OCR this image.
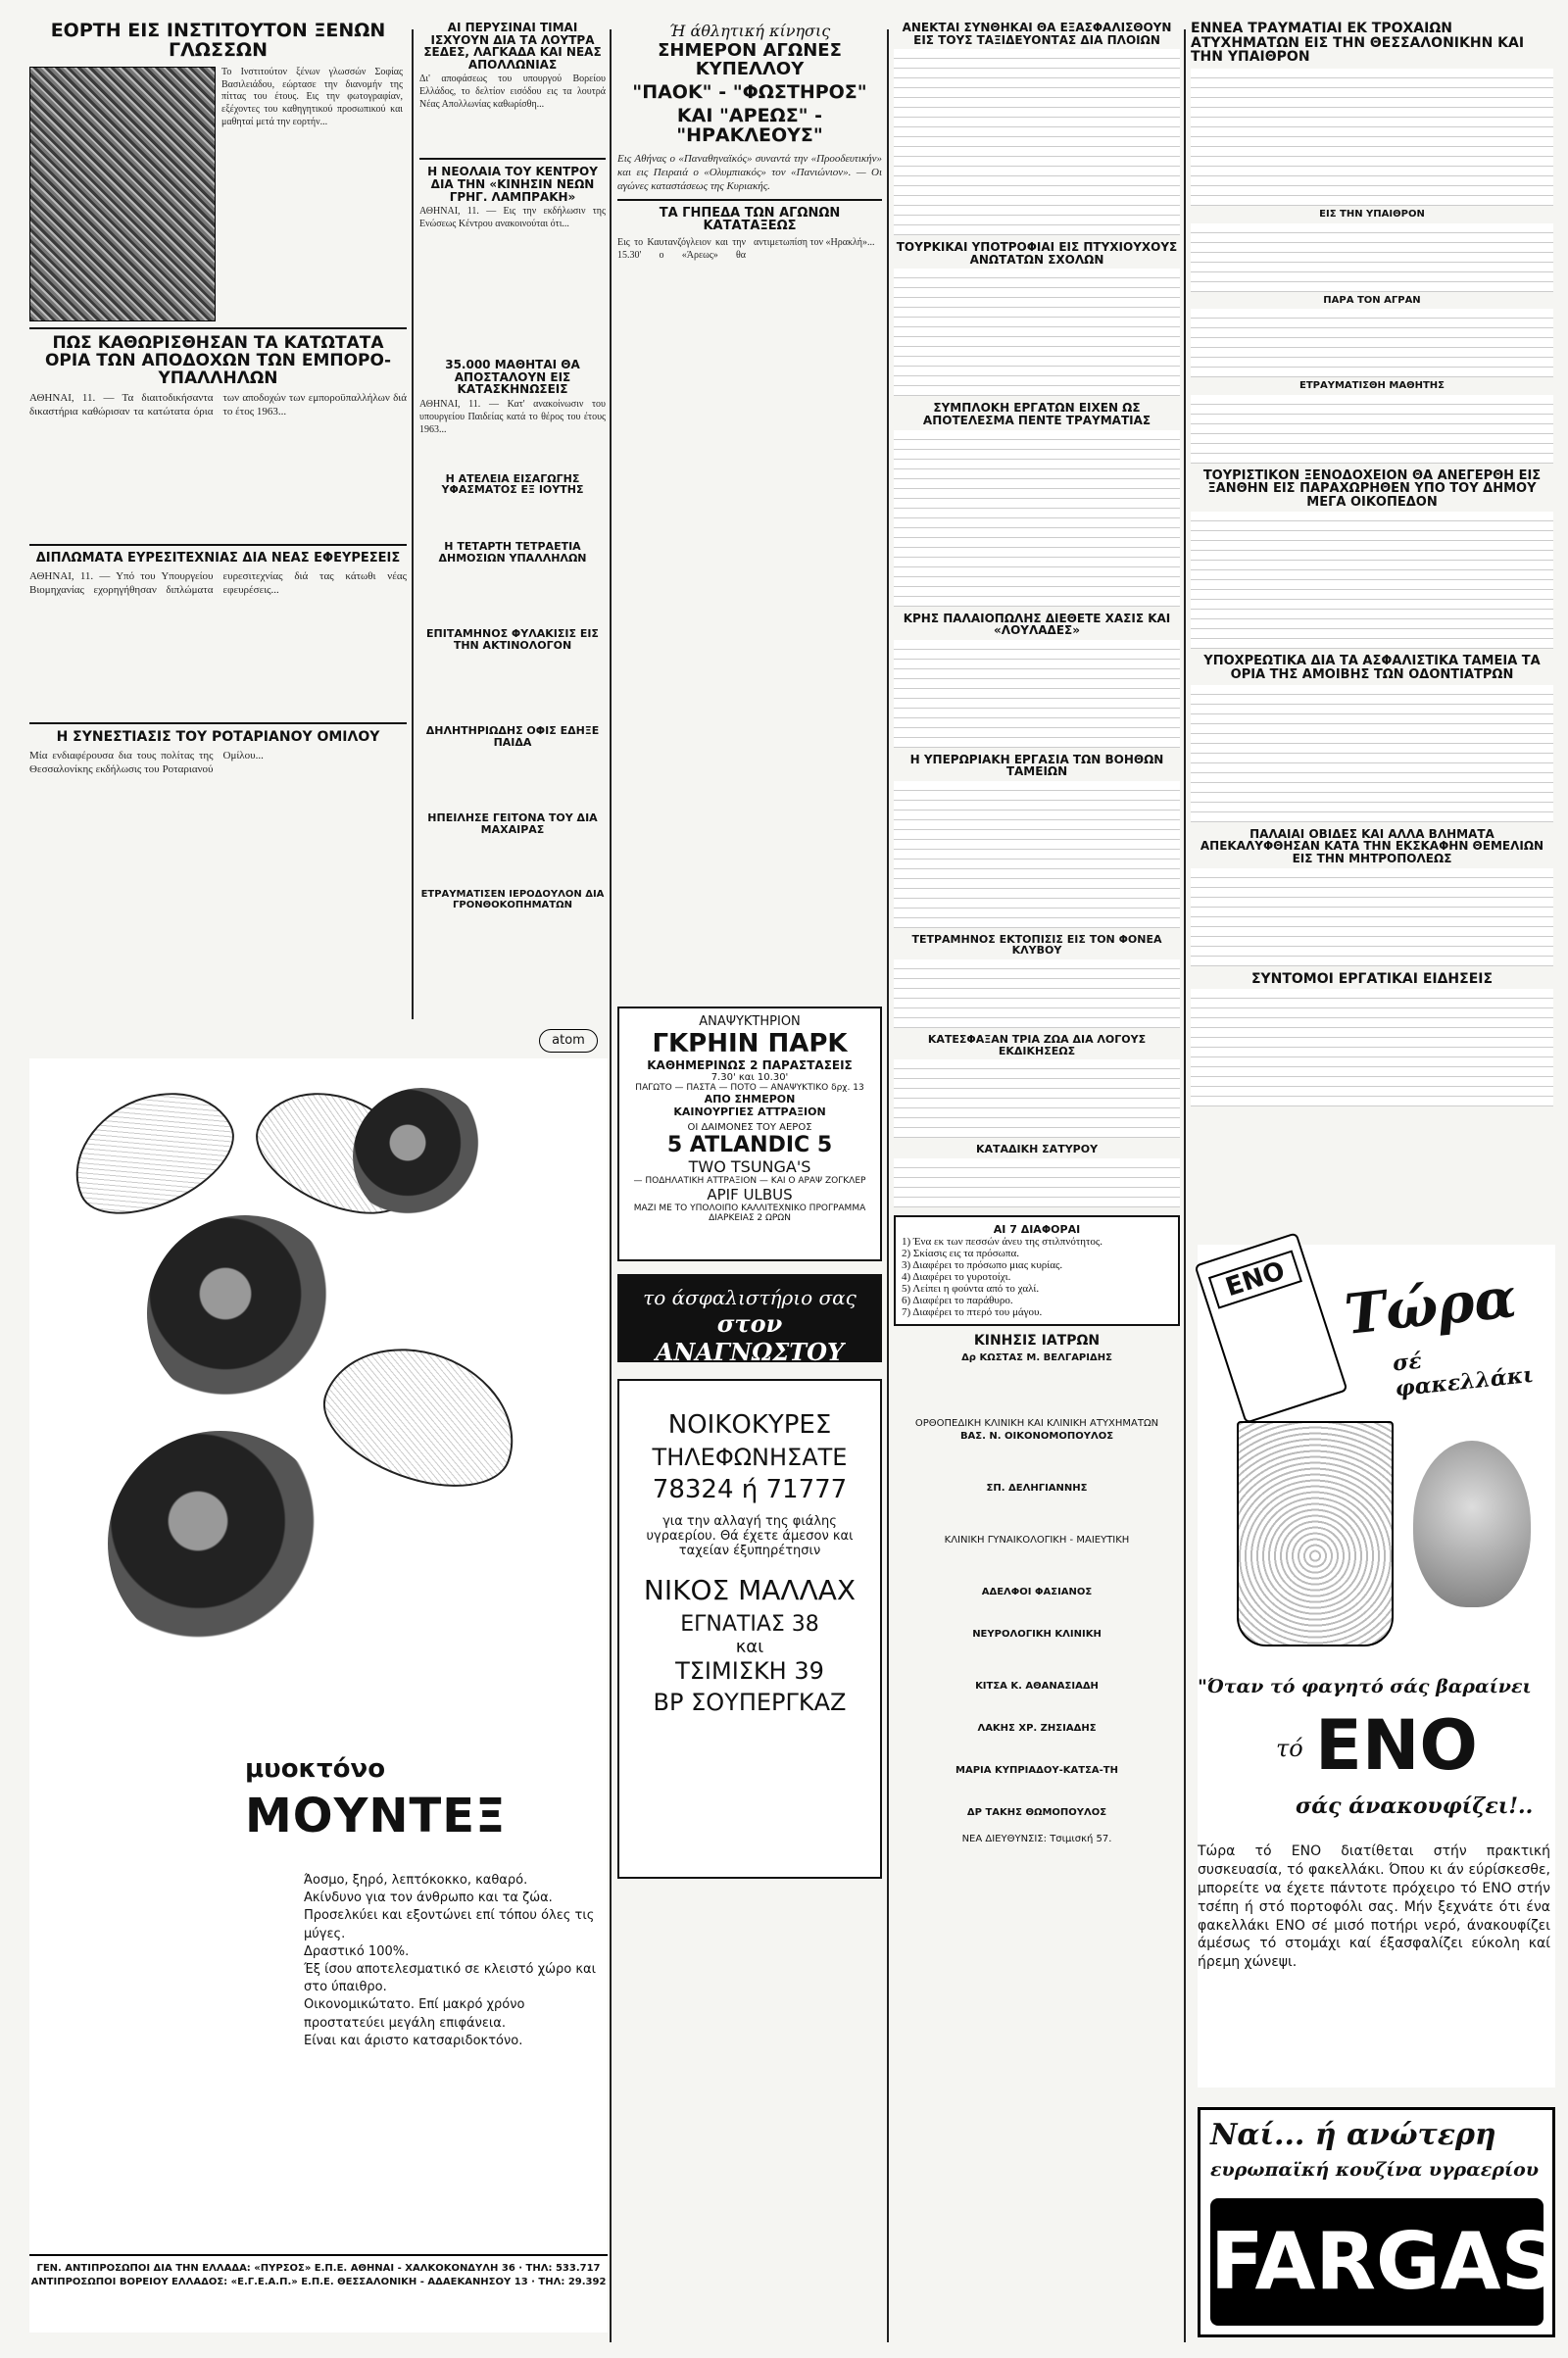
ΕΟΡΤΗ ΕΙΣ ΙΝΣΤΙΤΟΥΤΟΝ ΞΕΝΩΝ ΓΛΩΣΣΩΝ
Το Ινστιτούτον ξένων γλωσσών Σοφίας Βασιλειάδου, εώρτασε την διανομήν της πίττας του έτους. Εις την φωτογραφίαν, εξέχοντες του καθηγητικού προσωπικού και μαθηταί μετά την εορτήν...
ΠΩΣ ΚΑΘΩΡΙΣΘΗΣΑΝ ΤΑ ΚΑΤΩΤΑΤΑ ΟΡΙΑ ΤΩΝ ΑΠΟΔΟΧΩΝ ΤΩΝ ΕΜΠΟΡΟ-ΥΠΑΛΛΗΛΩΝ
ΑΘΗΝΑΙ, 11. — Τα διαιτοδικήσαντα δικαστήρια καθώρισαν τα κατώτατα όρια των αποδοχών των εμποροϋπαλλήλων διά το έτος 1963...
ΔΙΠΛΩΜΑΤΑ ΕΥΡΕΣΙΤΕΧΝΙΑΣ ΔΙΑ ΝΕΑΣ ΕΦΕΥΡΕΣΕΙΣ
ΑΘΗΝΑΙ, 11. — Υπό του Υπουργείου Βιομηχανίας εχορηγήθησαν διπλώματα ευρεσιτεχνίας διά τας κάτωθι νέας εφευρέσεις...
Η ΣΥΝΕΣΤΙΑΣΙΣ ΤΟΥ ΡΟΤΑΡΙΑΝΟΥ ΟΜΙΛΟΥ
Μία ενδιαφέρουσα δια τους πολίτας της Θεσσαλονίκης εκδήλωσις του Ροταριανού Ομίλου...
atom
μυοκτόνο
ΜΟΥΝΤΕΞ
Άοσμο, ξηρό, λεπτόκοκκο, καθαρό.
Ακίνδυνο για τον άνθρωπο και τα ζώα.
Προσελκύει και εξοντώνει επί τόπου όλες τις μύγες.
Δραστικό 100%.
Έξ ίσου αποτελεσματικό σε κλειστό χώρο και στο ύπαιθρο.
Οικονομικώτατο. Επί μακρό χρόνο προστατεύει μεγάλη επιφάνεια.
Είναι και άριστο κατσαριδοκτόνο.
ΓΕΝ. ΑΝΤΙΠΡΟΣΩΠΟΙ ΔΙΑ ΤΗΝ ΕΛΛΑΔΑ: «ΠΥΡΣΟΣ» Ε.Π.Ε. ΑΘΗΝΑΙ - ΧΑΛΚΟΚΟΝΔΥΛΗ 36 · ΤΗΛ: 533.717 ΑΝΤΙΠΡΟΣΩΠΟΙ ΒΟΡΕΙΟΥ ΕΛΛΑΔΟΣ: «Ε.Γ.Ε.Α.Π.» Ε.Π.Ε. ΘΕΣΣΑΛΟΝΙΚΗ - ΑΔΑΕΚΑΝΗΣΟΥ 13 · ΤΗΛ: 29.392
ΑΙ ΠΕΡΥΣΙΝΑΙ ΤΙΜΑΙ ΙΣΧΥΟΥΝ ΔΙΑ ΤΑ ΛΟΥΤΡΑ ΣΕΔΕΣ, ΛΑΓΚΑΔΑ ΚΑΙ ΝΕΑΣ ΑΠΟΛΛΩΝΙΑΣ
Δι' αποφάσεως του υπουργού Βορείου Ελλάδος, το δελτίον εισόδου εις τα λουτρά Νέας Απολλωνίας καθωρίσθη...
Η ΝΕΟΛΑΙΑ ΤΟΥ ΚΕΝΤΡΟΥ ΔΙΑ ΤΗΝ «ΚΙΝΗΣΙΝ ΝΕΩΝ ΓΡΗΓ. ΛΑΜΠΡΑΚΗ»
ΑΘΗΝΑΙ, 11. — Εις την εκδήλωσιν της Ενώσεως Κέντρου ανακοινούται ότι...
35.000 ΜΑΘΗΤΑΙ ΘΑ ΑΠΟΣΤΑΛΟΥΝ ΕΙΣ ΚΑΤΑΣΚΗΝΩΣΕΙΣ
ΑΘΗΝΑΙ, 11. — Κατ' ανακοίνωσιν του υπουργείου Παιδείας κατά το θέρος του έτους 1963...
Η ΑΤΕΛΕΙΑ ΕΙΣΑΓΩΓΗΣ ΥΦΑΣΜΑΤΟΣ ΕΞ ΙΟΥΤΗΣ
Η ΤΕΤΑΡΤΗ ΤΕΤΡΑΕΤΙΑ ΔΗΜΟΣΙΩΝ ΥΠΑΛΛΗΛΩΝ
ΕΠΙΤΑΜΗΝΟΣ ΦΥΛΑΚΙΣΙΣ ΕΙΣ ΤΗΝ ΑΚΤΙΝΟΛΟΓΟΝ
ΔΗΛΗΤΗΡΙΩΔΗΣ ΟΦΙΣ ΕΔΗΞΕ ΠΑΙΔΑ
ΗΠΕΙΛΗΣΕ ΓΕΙΤΟΝΑ ΤΟΥ ΔΙΑ ΜΑΧΑΙΡΑΣ
ΕΤΡΑΥΜΑΤΙΣΕΝ ΙΕΡΟΔΟΥΛΟΝ ΔΙΑ ΓΡΟΝΘΟΚΟΠΗΜΑΤΩΝ
Ή άθλητική κίνησις
ΣΗΜΕΡΟΝ ΑΓΩΝΕΣ ΚΥΠΕΛΛΟΥ
"ΠΑΟΚ" - "ΦΩΣΤΗΡΟΣ"
ΚΑΙ "ΑΡΕΩΣ" - "ΗΡΑΚΛΕΟΥΣ"
Εις Αθήνας ο «Παναθηναϊκός» συναντά την «Προοδευτικήν» και εις Πειραιά ο «Ολυμπιακός» τον «Πανιώνιον». — Οι αγώνες καταστάσεως της Κυριακής.
ΤΑ ΓΗΠΕΔΑ ΤΩΝ ΑΓΩΝΩΝ ΚΑΤΑΤΑΞΕΩΣ
Εις το Καυτανζόγλειον και την 15.30' ο «Άρεως» θα αντιμετωπίση τον «Ηρακλή»...
ΑΝΑΨΥΚΤΗΡΙΟΝ
ΓΚΡΗΙΝ ΠΑΡΚ
ΚΑΘΗΜΕΡΙΝΩΣ 2 ΠΑΡΑΣΤΑΣΕΙΣ
7.30' και 10.30'
ΠΑΓΩΤΟ — ΠΑΣΤΑ — ΠΟΤΟ — ΑΝΑΨΥΚΤΙΚΟ δρχ. 13
ΑΠΟ ΣΗΜΕΡΟΝ
ΚΑΙΝΟΥΡΓΙΕΣ ΑΤΤΡΑΞΙΟΝ
ΟΙ ΔΑΙΜΟΝΕΣ ΤΟΥ ΑΕΡΟΣ
5 ATLANDIC 5
TWO TSUNGA'S
— ΠΟΔΗΛΑΤΙΚΗ ΑΤΤΡΑΞΙΟΝ — ΚΑΙ Ο ΑΡΑΨ ΖΟΓΚΛΕΡ
APIF ULBUS
ΜΑΖΙ ΜΕ ΤΟ ΥΠΟΛΟΙΠΟ ΚΑΛΛΙΤΕΧΝΙΚΟ ΠΡΟΓΡΑΜΜΑ ΔΙΑΡΚΕΙΑΣ 2 ΩΡΩΝ
το άσφαλιστήριο σας
στον ΑΝΑΓΝΩΣΤΟΥ
ΝΟΙΚΟΚΥΡΕΣ
ΤΗΛΕΦΩΝΗΣΑΤΕ
78324 ή 71777
για την αλλαγή της φιάλης υγραερίου. Θά έχετε άμεσον και ταχείαν έξυπηρέτησιν
ΝΙΚΟΣ ΜΑΛΛΑΧ
ΕΓΝΑΤΙΑΣ 38
και
ΤΣΙΜΙΣΚΗ 39
ΒΡ ΣΟΥΠΕΡΓΚΑΖ
ΑΝΕΚΤΑΙ ΣΥΝΘΗΚΑΙ ΘΑ ΕΞΑΣΦΑΛΙΣΘΟΥΝ ΕΙΣ ΤΟΥΣ ΤΑΞΙΔΕΥΟΝΤΑΣ ΔΙΑ ΠΛΟΙΩΝ
ΤΟΥΡΚΙΚΑΙ ΥΠΟΤΡΟΦΙΑΙ ΕΙΣ ΠΤΥΧΙΟΥΧΟΥΣ ΑΝΩΤΑΤΩΝ ΣΧΟΛΩΝ
ΣΥΜΠΛΟΚΗ ΕΡΓΑΤΩΝ ΕΙΧΕΝ ΩΣ ΑΠΟΤΕΛΕΣΜΑ ΠΕΝΤΕ ΤΡΑΥΜΑΤΙΑΣ
ΚΡΗΣ ΠΑΛΑΙΟΠΩΛΗΣ ΔΙΕΘΕΤΕ ΧΑΣΙΣ ΚΑΙ «ΛΟΥΛΑΔΕΣ»
Η ΥΠΕΡΩΡΙΑΚΗ ΕΡΓΑΣΙΑ ΤΩΝ ΒΟΗΘΩΝ ΤΑΜΕΙΩΝ
ΤΕΤΡΑΜΗΝΟΣ ΕΚΤΟΠΙΣΙΣ ΕΙΣ ΤΟΝ ΦΟΝΕΑ ΚΛΥΒΟΥ
ΚΑΤΕΣΦΑΞΑΝ ΤΡΙΑ ΖΩΑ ΔΙΑ ΛΟΓΟΥΣ ΕΚΔΙΚΗΣΕΩΣ
ΚΑΤΑΔΙΚΗ ΣΑΤΥΡΟΥ
ΑΙ 7 ΔΙΑΦΟΡΑΙ
1) Ένα εκ των πεσσών άνευ της στιλπνότητος.
2) Σκίασις εις τα πρόσωπα.
3) Διαφέρει το πρόσωπο μιας κυρίας.
4) Διαφέρει το γυροτοίχι.
5) Λείπει η φούντα από το χαλί.
6) Διαφέρει το παράθυρο.
7) Διαφέρει το πτερό του μάγου.
ΚΙΝΗΣΙΣ ΙΑΤΡΩΝ
Δρ ΚΩΣΤΑΣ Μ. ΒΕΛΓΑΡΙΔΗΣ
ΟΡΘΟΠΕΔΙΚΗ ΚΛΙΝΙΚΗ ΚΑΙ ΚΛΙΝΙΚΗ ΑΤΥΧΗΜΑΤΩΝ
ΒΑΣ. Ν. ΟΙΚΟΝΟΜΟΠΟΥΛΟΣ
ΣΠ. ΔΕΛΗΓΙΑΝΝΗΣ
ΚΛΙΝΙΚΗ ΓΥΝΑΙΚΟΛΟΓΙΚΗ - ΜΑΙΕΥΤΙΚΗ
ΑΔΕΛΦΟΙ ΦΑΣΙΑΝΟΣ
ΝΕΥΡΟΛΟΓΙΚΗ ΚΛΙΝΙΚΗ
ΚΙΤΣΑ Κ. ΑΘΑΝΑΣΙΑΔΗ
ΛΑΚΗΣ ΧΡ. ΖΗΣΙΑΔΗΣ
ΜΑΡΙΑ ΚΥΠΡΙΑΔΟΥ-ΚΑΤΣΑ-ΤΗ
ΔΡ ΤΑΚΗΣ ΘΩΜΟΠΟΥΛΟΣ
ΝΕΑ ΔΙΕΥΘΥΝΣΙΣ: Τσιμισκή 57.
ΕΝΝΕΑ ΤΡΑΥΜΑΤΙΑΙ ΕΚ ΤΡΟΧΑΙΩΝ ΑΤΥΧΗΜΑΤΩΝ ΕΙΣ ΤΗΝ ΘΕΣΣΑΛΟΝΙΚΗΝ ΚΑΙ ΤΗΝ ΥΠΑΙΘΡΟΝ
ΕΙΣ ΤΗΝ ΥΠΑΙΘΡΟΝ
ΠΑΡΑ ΤΟΝ ΑΓΡΑΝ
ΕΤΡΑΥΜΑΤΙΣΘΗ ΜΑΘΗΤΗΣ
ΤΟΥΡΙΣΤΙΚΟΝ ΞΕΝΟΔΟΧΕΙΟΝ ΘΑ ΑΝΕΓΕΡΘΗ ΕΙΣ ΞΑΝΘΗΝ ΕΙΣ ΠΑΡΑΧΩΡΗΘΕΝ ΥΠΟ ΤΟΥ ΔΗΜΟΥ ΜΕΓΑ ΟΙΚΟΠΕΔΟΝ
ΥΠΟΧΡΕΩΤΙΚΑ ΔΙΑ ΤΑ ΑΣΦΑΛΙΣΤΙΚΑ ΤΑΜΕΙΑ ΤΑ ΟΡΙΑ ΤΗΣ ΑΜΟΙΒΗΣ ΤΩΝ ΟΔΟΝΤΙΑΤΡΩΝ
ΠΑΛΑΙΑΙ ΟΒΙΔΕΣ ΚΑΙ ΑΛΛΑ ΒΛΗΜΑΤΑ ΑΠΕΚΑΛΥΦΘΗΣΑΝ ΚΑΤΑ ΤΗΝ ΕΚΣΚΑΦΗΝ ΘΕΜΕΛΙΩΝ ΕΙΣ ΤΗΝ ΜΗΤΡΟΠΟΛΕΩΣ
ΣΥΝΤΟΜΟΙ ΕΡΓΑΤΙΚΑΙ ΕΙΔΗΣΕΙΣ
ENO Τώρα
σέ φακελλάκι
"Όταν τό φαγητό σάς βαραίνει
τό ENO
σάς άνακουφίζει!..
Τώρα τό ENO διατίθεται στήν πρακτική συσκευασία, τό φακελλάκι. Όπου κι άν εύρίσκεσθε, μπορείτε να έχετε πάντοτε πρόχειρο τό ENO στήν τσέπη ή στό πορτοφόλι σας. Μήν ξεχνάτε ότι ένα φακελλάκι ENO σέ μισό ποτήρι νερό, άνακουφίζει άμέσως τό στομάχι καί έξασφαλίζει εύκολη καί ήρεμη χώνεψι.
Ναί... ή ανώτερη
ευρωπαϊκή κουζίνα υγραερίου
FARGAS
